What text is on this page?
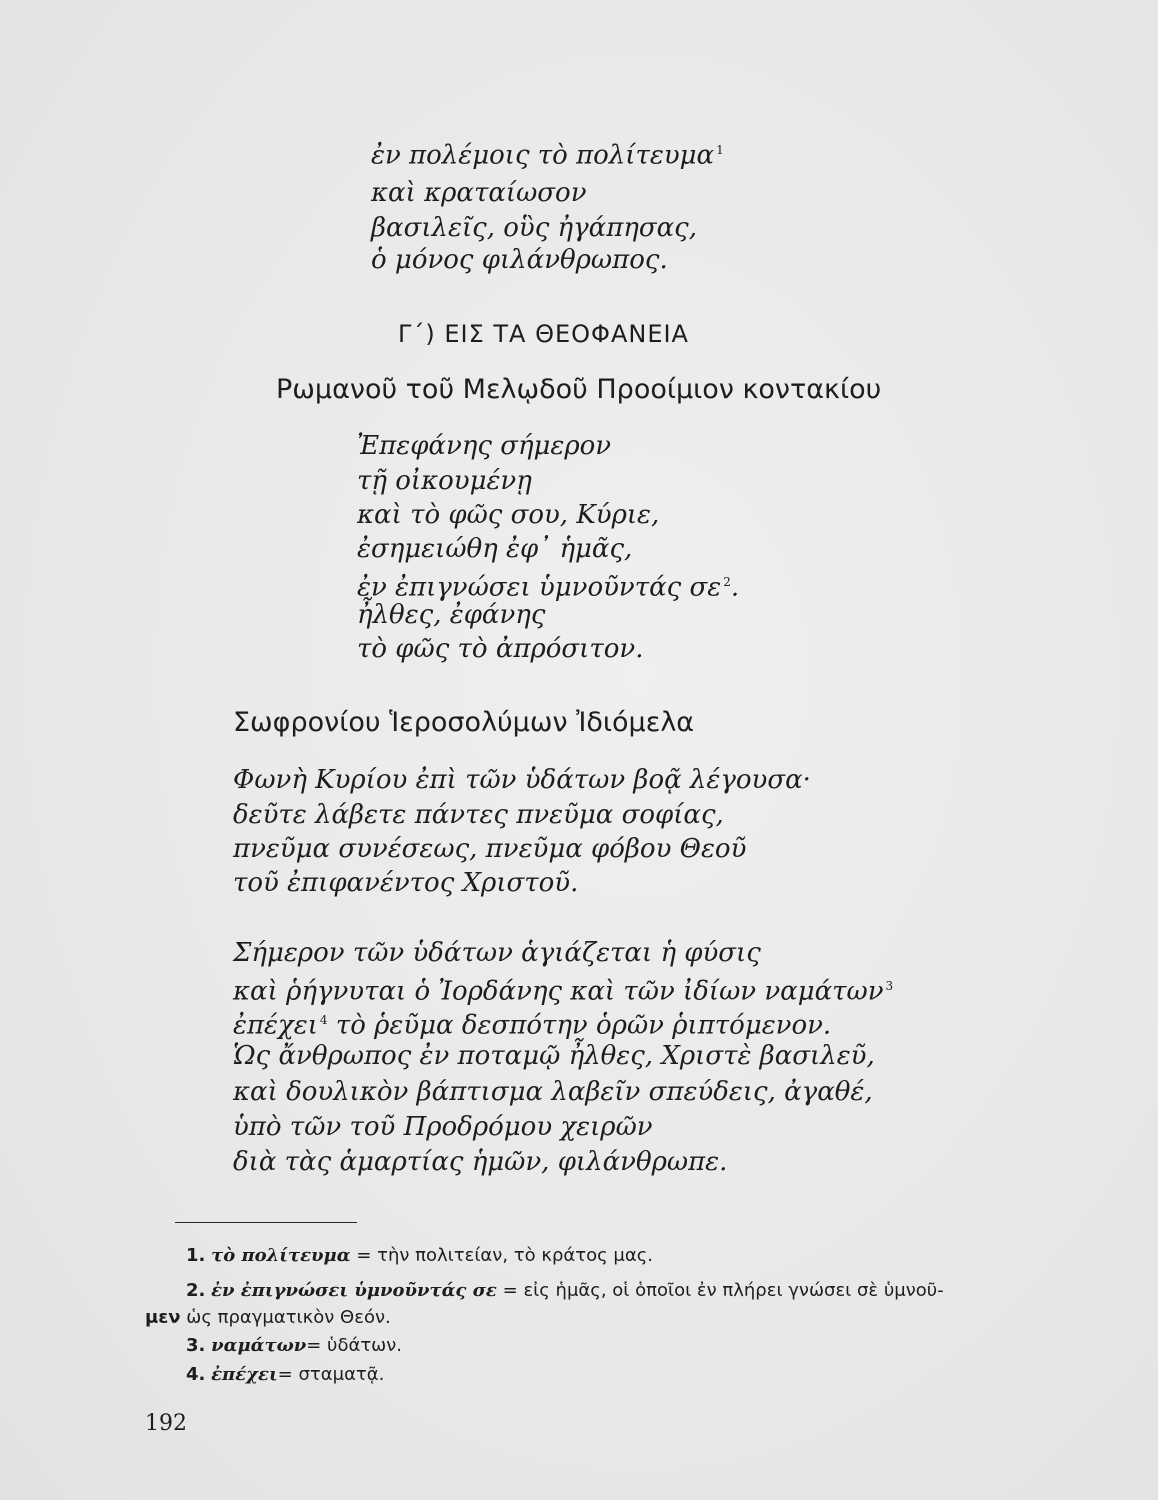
ἐν πολέμοις τὸ πολίτευμα $^1$
καὶ κραταίωσον
βασιλεῖς, οὓς ἠγάπησας,
ὁ μόνος φιλάνθρωπος.
Γ΄) ΕΙΣ ΤΑ ΘΕΟΦΑΝΕΙΑ
Ρωμανοῦ τοῦ Μελῳδοῦ Προοίμιον κοντακίου
Ἐπεφάνης σήμερον
τῇ οἰκουμένῃ
καὶ τὸ φῶς σου, Κύριε,
ἐσημειώθη ἐφ᾿ ἡμᾶς,
ἐν ἐπιγνώσει ὑμνοῦντάς σε $^2$.
ἦλθες, ἐφάνης
τὸ φῶς τὸ ἀπρόσιτον.
Σωφρονίου Ἱεροσολύμων Ἰδιόμελα
Φωνὴ Κυρίου ἐπὶ τῶν ὑδάτων βοᾷ λέγουσα·
δεῦτε λάβετε πάντες πνεῦμα σοφίας,
πνεῦμα συνέσεως, πνεῦμα φόβου Θεοῦ
τοῦ ἐπιφανέντος Χριστοῦ.
Σήμερον τῶν ὑδάτων ἁγιάζεται ἡ φύσις
καὶ ῥήγνυται ὁ Ἰορδάνης καὶ τῶν ἰδίων ναμάτων $^3$
ἐπέχει $^4$ τὸ ῥεῦμα δεσπότην ὁρῶν ῥιπτόμενον.
Ὡς ἄνθρωπος ἐν ποταμῷ ἦλθες, Χριστὲ βασιλεῦ,
καὶ δουλικὸν βάπτισμα λαβεῖν σπεύδεις, ἀγαθέ,
ὑπὸ τῶν τοῦ Προδρόμου χειρῶν
διὰ τὰς ἁμαρτίας ἡμῶν, φιλάνθρωπε.
1. τὸ πολίτευμα = τὴν πολιτείαν, τὸ κράτος μας.
2. ἐν ἐπιγνώσει ὑμνοῦντάς σε = εἰς ἡμᾶς, οἱ ὁποῖοι ἐν πλήρει γνώσει σὲ ὑμνοῦ-
μεν ὡς πραγματικὸν Θεόν.
3. ναμάτων= ὑδάτων.
4. ἐπέχει= σταματᾷ.
192
